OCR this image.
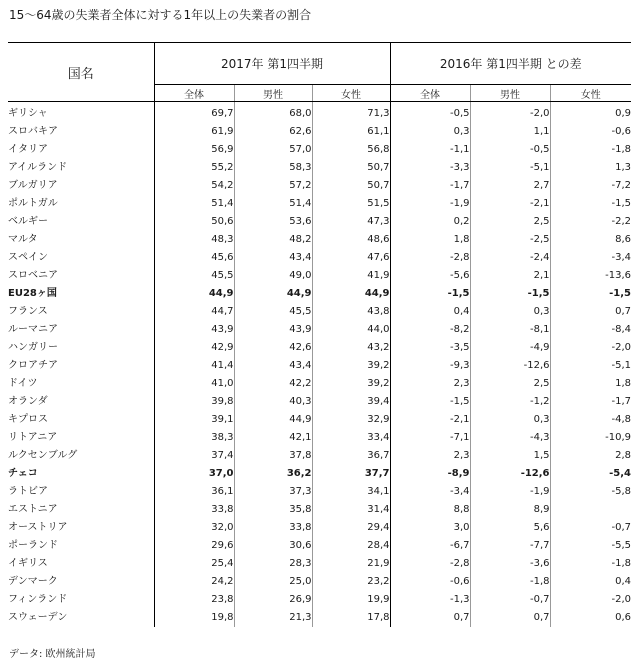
15～64歳の失業者全体に対する1年以上の失業者の割合
国名	2017年 第1四半期			2016年 第1四半期 との差		
	全体	男性	女性	全体	男性	女性
ギリシャ	69,7	68,0	71,3	-0,5	-2,0	0,9
スロバキア	61,9	62,6	61,1	0,3	1,1	-0,6
イタリア	56,9	57,0	56,8	-1,1	-0,5	-1,8
アイルランド	55,2	58,3	50,7	-3,3	-5,1	1,3
ブルガリア	54,2	57,2	50,7	-1,7	2,7	-7,2
ポルトガル	51,4	51,4	51,5	-1,9	-2,1	-1,5
ベルギー	50,6	53,6	47,3	0,2	2,5	-2,2
マルタ	48,3	48,2	48,6	1,8	-2,5	8,6
スペイン	45,6	43,4	47,6	-2,8	-2,4	-3,4
スロベニア	45,5	49,0	41,9	-5,6	2,1	-13,6
EU28ヶ国	44,9	44,9	44,9	-1,5	-1,5	-1,5
フランス	44,7	45,5	43,8	0,4	0,3	0,7
ルーマニア	43,9	43,9	44,0	-8,2	-8,1	-8,4
ハンガリー	42,9	42,6	43,2	-3,5	-4,9	-2,0
クロアチア	41,4	43,4	39,2	-9,3	-12,6	-5,1
ドイツ	41,0	42,2	39,2	2,3	2,5	1,8
オランダ	39,8	40,3	39,4	-1,5	-1,2	-1,7
キプロス	39,1	44,9	32,9	-2,1	0,3	-4,8
リトアニア	38,3	42,1	33,4	-7,1	-4,3	-10,9
ルクセンブルグ	37,4	37,8	36,7	2,3	1,5	2,8
チェコ	37,0	36,2	37,7	-8,9	-12,6	-5,4
ラトビア	36,1	37,3	34,1	-3,4	-1,9	-5,8
エストニア	33,8	35,8	31,4	8,8	8,9	
オーストリア	32,0	33,8	29,4	3,0	5,6	-0,7
ポーランド	29,6	30,6	28,4	-6,7	-7,7	-5,5
イギリス	25,4	28,3	21,9	-2,8	-3,6	-1,8
デンマーク	24,2	25,0	23,2	-0,6	-1,8	0,4
フィンランド	23,8	26,9	19,9	-1,3	-0,7	-2,0
スウェーデン	19,8	21,3	17,8	0,7	0,7	0,6
データ: 欧州統計局
